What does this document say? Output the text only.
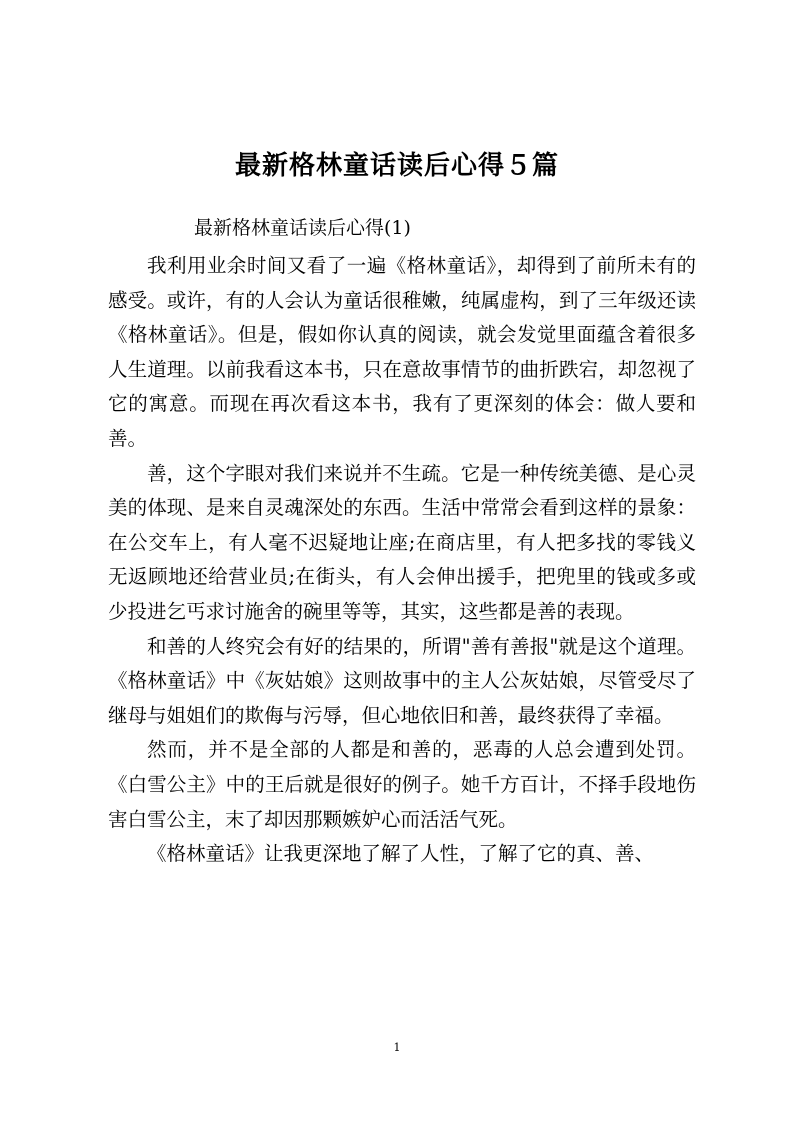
最新格林童话读后心得５篇
最新格林童话读后心得(1)

我利用业余时间又看了一遍《格林童话》，却得到了前所未有的感受。或许，有的人会认为童话很稚嫩，纯属虚构，到了三年级还读《格林童话》。但是，假如你认真的阅读，就会发觉里面蕴含着很多人生道理。以前我看这本书，只在意故事情节的曲折跌宕，却忽视了它的寓意。而现在再次看这本书，我有了更深刻的体会：做人要和善。

善，这个字眼对我们来说并不生疏。它是一种传统美德、是心灵美的体现、是来自灵魂深处的东西。生活中常常会看到这样的景象：在公交车上，有人毫不迟疑地让座;在商店里，有人把多找的零钱义无返顾地还给营业员;在街头，有人会伸出援手，把兜里的钱或多或少投进乞丐求讨施舍的碗里等等，其实，这些都是善的表现。

和善的人终究会有好的结果的，所谓"善有善报"就是这个道理。《格林童话》中《灰姑娘》这则故事中的主人公灰姑娘，尽管受尽了继母与姐姐们的欺侮与污辱，但心地依旧和善，最终获得了幸福。

然而，并不是全部的人都是和善的，恶毒的人总会遭到处罚。《白雪公主》中的王后就是很好的例子。她千方百计，不择手段地伤害白雪公主，末了却因那颗嫉妒心而活活气死。

《格林童话》让我更深地了解了人性，了解了它的真、善、

1
